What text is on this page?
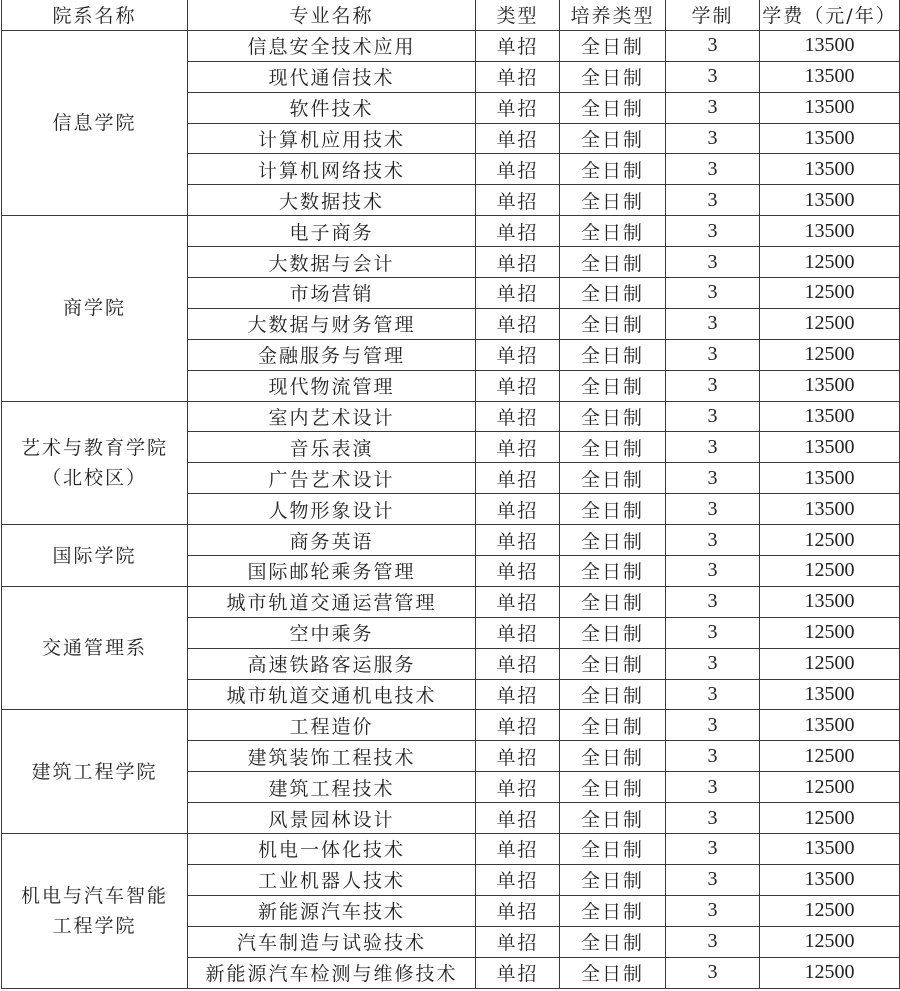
院系名称	专业名称	类型	培养类型	学制	学费（元/年）
信息学院	信息安全技术应用	单招	全日制	3	13500
	现代通信技术	单招	全日制	3	13500
	软件技术	单招	全日制	3	13500
	计算机应用技术	单招	全日制	3	13500
	计算机网络技术	单招	全日制	3	13500
	大数据技术	单招	全日制	3	13500
商学院	电子商务	单招	全日制	3	13500
	大数据与会计	单招	全日制	3	12500
	市场营销	单招	全日制	3	12500
	大数据与财务管理	单招	全日制	3	12500
	金融服务与管理	单招	全日制	3	12500
	现代物流管理	单招	全日制	3	13500
艺术与教育学院（北校区）	室内艺术设计	单招	全日制	3	13500
	音乐表演	单招	全日制	3	13500
	广告艺术设计	单招	全日制	3	13500
	人物形象设计	单招	全日制	3	13500
国际学院	商务英语	单招	全日制	3	12500
	国际邮轮乘务管理	单招	全日制	3	12500
交通管理系	城市轨道交通运营管理	单招	全日制	3	13500
	空中乘务	单招	全日制	3	12500
	高速铁路客运服务	单招	全日制	3	12500
	城市轨道交通机电技术	单招	全日制	3	13500
建筑工程学院	工程造价	单招	全日制	3	13500
	建筑装饰工程技术	单招	全日制	3	12500
	建筑工程技术	单招	全日制	3	12500
	风景园林设计	单招	全日制	3	12500
机电与汽车智能工程学院	机电一体化技术	单招	全日制	3	13500
	工业机器人技术	单招	全日制	3	13500
	新能源汽车技术	单招	全日制	3	12500
	汽车制造与试验技术	单招	全日制	3	12500
	新能源汽车检测与维修技术	单招	全日制	3	12500
